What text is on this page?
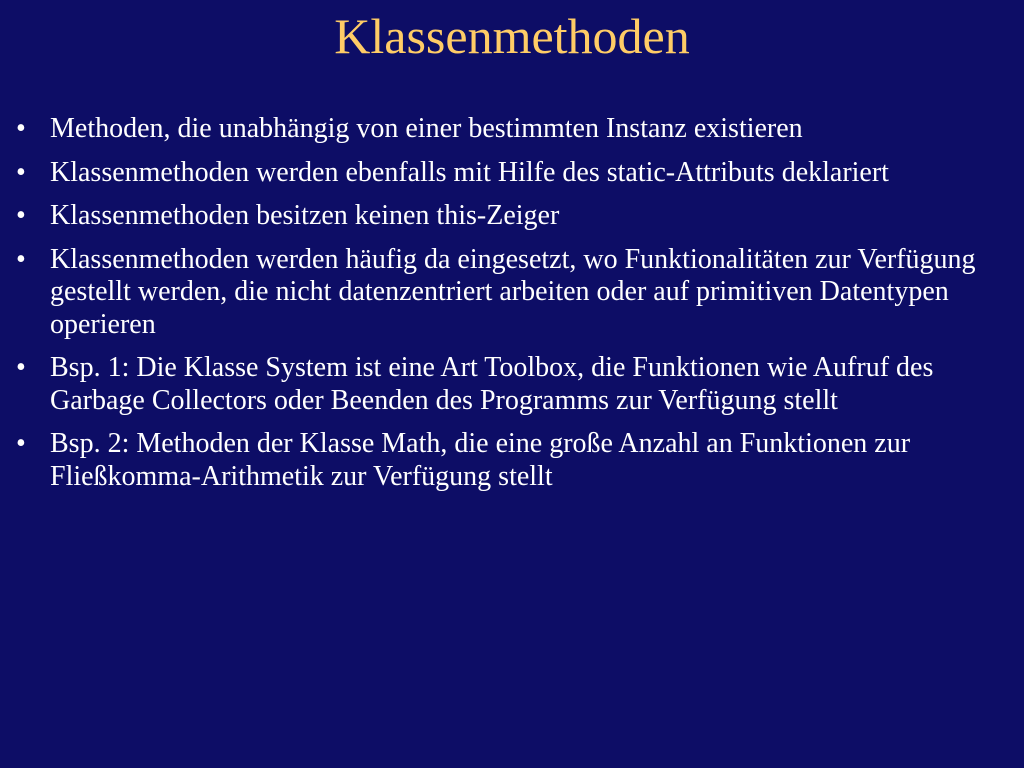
Klassenmethoden
• Methoden, die unabhängig von einer bestimmten Instanz existieren
• Klassenmethoden werden ebenfalls mit Hilfe des static-Attributs deklariert
• Klassenmethoden besitzen keinen this-Zeiger
• Klassenmethoden werden häufig da eingesetzt, wo Funktionalitäten zur Verfügung gestellt werden, die nicht datenzentriert arbeiten oder auf primitiven Datentypen operieren
• Bsp. 1: Die Klasse System ist eine Art Toolbox, die Funktionen wie Aufruf des Garbage Collectors oder Beenden des Programms zur Verfügung stellt
• Bsp. 2: Methoden der Klasse Math, die eine große Anzahl an Funktionen zur Fließkomma-Arithmetik zur Verfügung stellt
